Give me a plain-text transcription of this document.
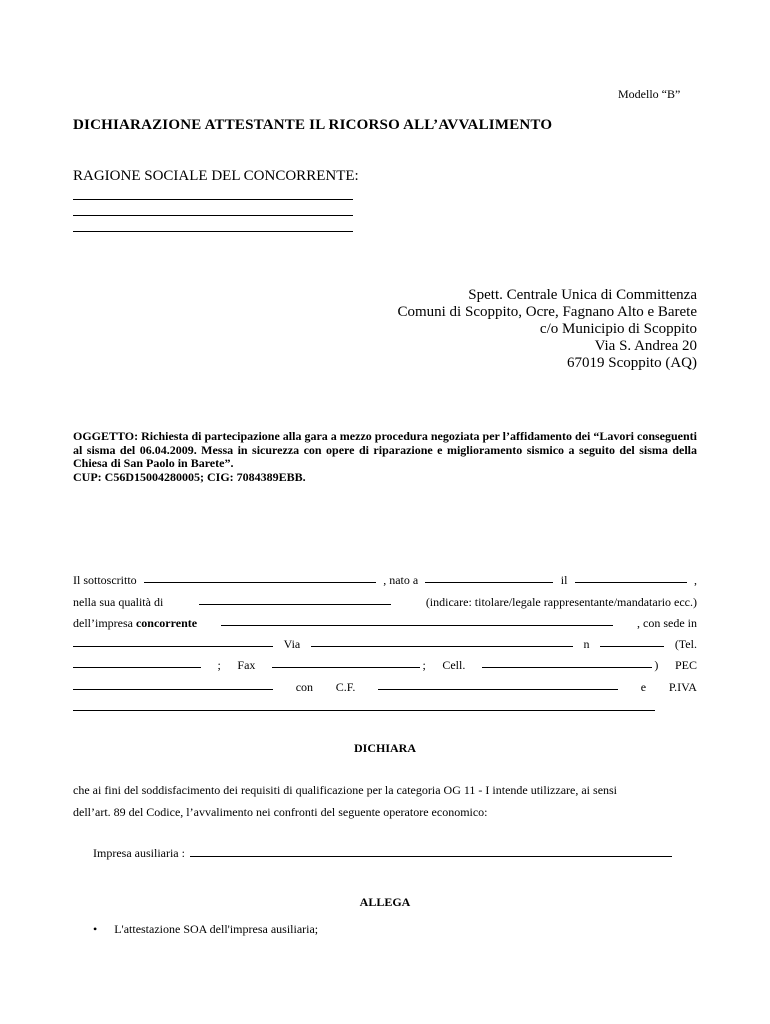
Modello “B”
DICHIARAZIONE ATTESTANTE IL RICORSO ALL’AVVALIMENTO
RAGIONE SOCIALE DEL CONCORRENTE:
Spett. Centrale Unica di Committenza
Comuni di Scoppito, Ocre, Fagnano Alto e Barete
c/o Municipio di Scoppito
Via S. Andrea 20
67019 Scoppito (AQ)
OGGETTO: Richiesta di partecipazione alla gara a mezzo procedura negoziata per l’affidamento dei “Lavori conseguenti al sisma del 06.04.2009. Messa in sicurezza con opere di riparazione e miglioramento sismico a seguito del sisma della Chiesa di San Paolo in Barete”.
CUP: C56D15004280005; CIG: 7084389EBB.
Il sottoscritto	, nato a	il	,
nella sua qualità di	(indicare: titolare/legale rappresentante/mandatario ecc.)
dell’impresa concorrente	, con sede in
Via	n	(Tel.
; Fax	; Cell.	) PEC
con C.F.	e P.IVA
DICHIARA
che ai fini del soddisfacimento dei requisiti di qualificazione per la categoria OG 11 - I intende utilizzare, ai sensi
dell’art. 89 del Codice, l’avvalimento nei confronti del seguente operatore economico:
Impresa ausiliaria :
ALLEGA
• L'attestazione SOA dell'impresa ausiliaria;
